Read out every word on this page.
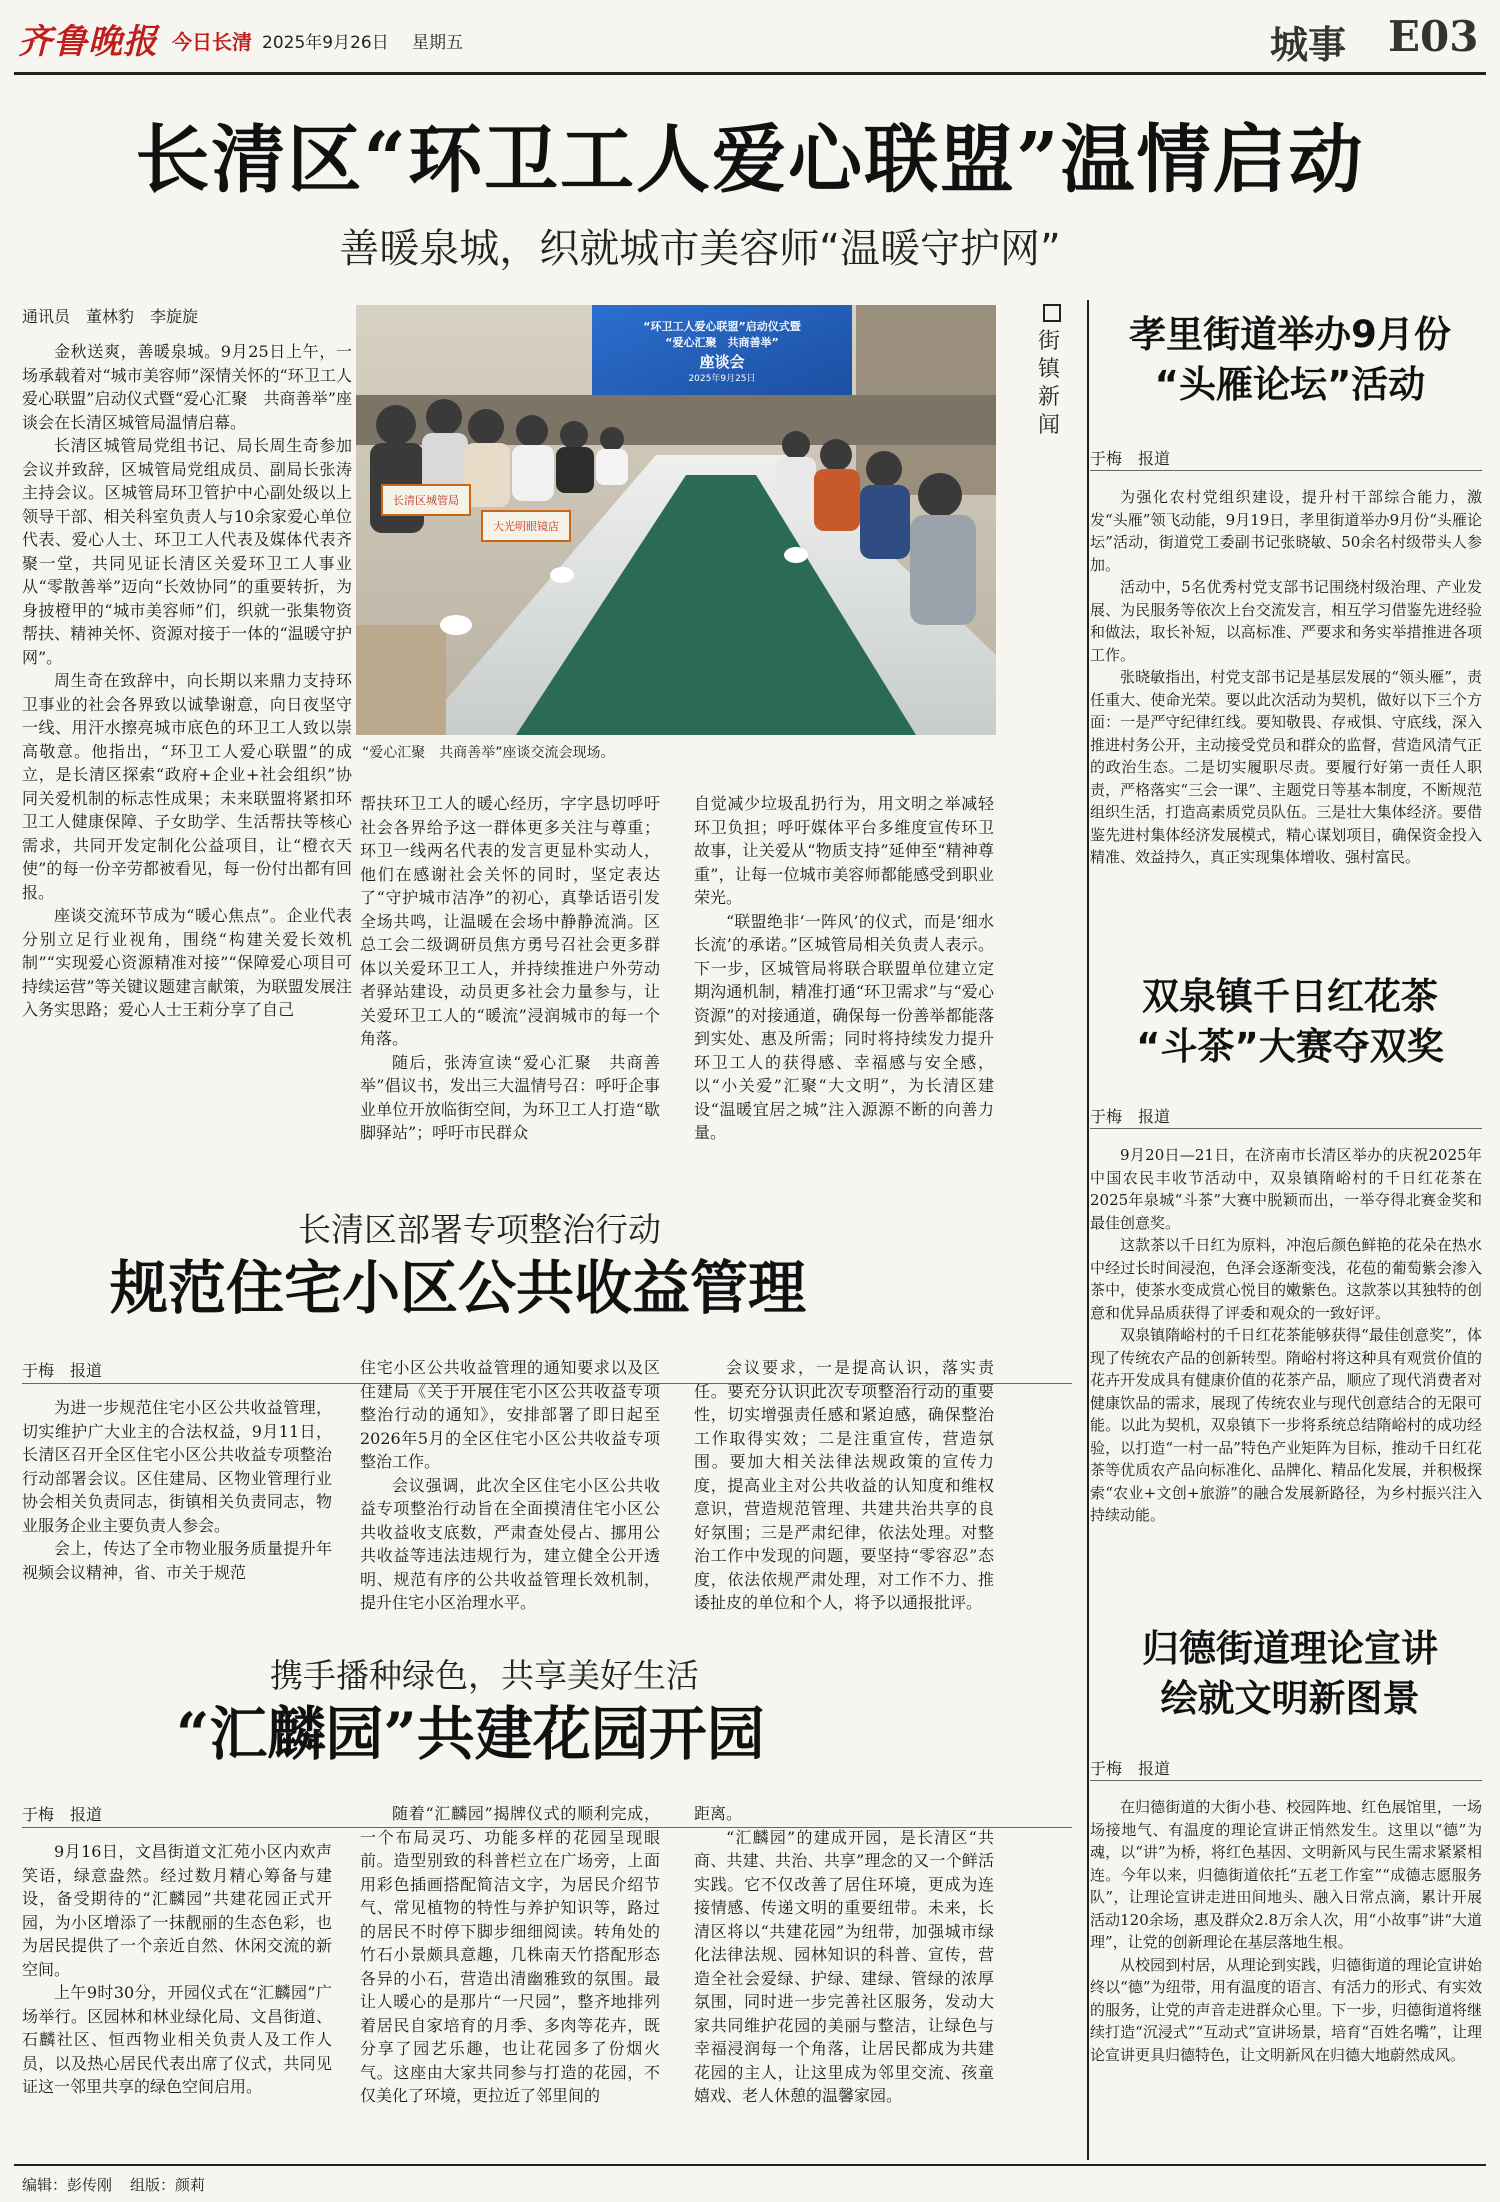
齐鲁晚报 今日长清 2025年9月26日 星期五	城事 E03
长清区“环卫工人爱心联盟”温情启动
善暖泉城，织就城市美容师“温暖守护网”
通讯员　董林豹　李旋旋

金秋送爽，善暖泉城。9月25日上午，一场承载着对“城市美容师”深情关怀的“环卫工人爱心联盟”启动仪式暨“爱心汇聚　共商善举”座谈会在长清区城管局温情启幕。

长清区城管局党组书记、局长周生奇参加会议并致辞，区城管局党组成员、副局长张涛主持会议。区城管局环卫管护中心副处级以上领导干部、相关科室负责人与10余家爱心单位代表、爱心人士、环卫工人代表及媒体代表齐聚一堂，共同见证长清区关爱环卫工人事业从“零散善举”迈向“长效协同”的重要转折，为身披橙甲的“城市美容师”们，织就一张集物资帮扶、精神关怀、资源对接于一体的“温暖守护网”。

周生奇在致辞中，向长期以来鼎力支持环卫事业的社会各界致以诚挚谢意，向日夜坚守一线、用汗水擦亮城市底色的环卫工人致以崇高敬意。他指出，“环卫工人爱心联盟”的成立，是长清区探索“政府+企业+社会组织”协同关爱机制的标志性成果；未来联盟将紧扣环卫工人健康保障、子女助学、生活帮扶等核心需求，共同开发定制化公益项目，让“橙衣天使”的每一份辛劳都被看见，每一份付出都有回报。

座谈交流环节成为“暖心焦点”。企业代表分别立足行业视角，围绕“构建关爱长效机制”“实现爱心资源精准对接”“保障爱心项目可持续运营”等关键议题建言献策，为联盟发展注入务实思路；爱心人士王莉分享了自己

“环卫工人爱心联盟”启动仪式暨
“爱心汇聚　共商善举”
座谈会
2025年9月25日
长清区城管局
大光明眼镜店
“爱心汇聚　共商善举”座谈交流会现场。

帮扶环卫工人的暖心经历，字字恳切呼吁社会各界给予这一群体更多关注与尊重；环卫一线两名代表的发言更显朴实动人，他们在感谢社会关怀的同时，坚定表达了“守护城市洁净”的初心，真挚话语引发全场共鸣，让温暖在会场中静静流淌。区总工会二级调研员焦方勇号召社会更多群体以关爱环卫工人，并持续推进户外劳动者驿站建设，动员更多社会力量参与，让关爱环卫工人的“暖流”浸润城市的每一个角落。

随后，张涛宣读“爱心汇聚　共商善举”倡议书，发出三大温情号召：呼吁企事业单位开放临街空间，为环卫工人打造“歇脚驿站”；呼吁市民群众

自觉减少垃圾乱扔行为，用文明之举减轻环卫负担；呼吁媒体平台多维度宣传环卫故事，让关爱从“物质支持”延伸至“精神尊重”，让每一位城市美容师都能感受到职业荣光。

“联盟绝非‘一阵风’的仪式，而是‘细水长流’的承诺。”区城管局相关负责人表示。下一步，区城管局将联合联盟单位建立定期沟通机制，精准打通“环卫需求”与“爱心资源”的对接通道，确保每一份善举都能落到实处、惠及所需；同时将持续发力提升环卫工人的获得感、幸福感与安全感，以“小关爱”汇聚“大文明”，为长清区建设“温暖宜居之城”注入源源不断的向善力量。

长清区部署专项整治行动
规范住宅小区公共收益管理
于梅　报道

为进一步规范住宅小区公共收益管理，切实维护广大业主的合法权益，9月11日，长清区召开全区住宅小区公共收益专项整治行动部署会议。区住建局、区物业管理行业协会相关负责同志，街镇相关负责同志，物业服务企业主要负责人参会。

会上，传达了全市物业服务质量提升年视频会议精神，省、市关于规范

住宅小区公共收益管理的通知要求以及区住建局《关于开展住宅小区公共收益专项整治行动的通知》，安排部署了即日起至2026年5月的全区住宅小区公共收益专项整治工作。

会议强调，此次全区住宅小区公共收益专项整治行动旨在全面摸清住宅小区公共收益收支底数，严肃查处侵占、挪用公共收益等违法违规行为，建立健全公开透明、规范有序的公共收益管理长效机制，提升住宅小区治理水平。

会议要求，一是提高认识，落实责任。要充分认识此次专项整治行动的重要性，切实增强责任感和紧迫感，确保整治工作取得实效；二是注重宣传，营造氛围。要加大相关法律法规政策的宣传力度，提高业主对公共收益的认知度和维权意识，营造规范管理、共建共治共享的良好氛围；三是严肃纪律，依法处理。对整治工作中发现的问题，要坚持“零容忍”态度，依法依规严肃处理，对工作不力、推诿扯皮的单位和个人，将予以通报批评。

携手播种绿色，共享美好生活
“汇麟园”共建花园开园
于梅　报道

9月16日，文昌街道文汇苑小区内欢声笑语，绿意盎然。经过数月精心筹备与建设，备受期待的“汇麟园”共建花园正式开园，为小区增添了一抹靓丽的生态色彩，也为居民提供了一个亲近自然、休闲交流的新空间。

上午9时30分，开园仪式在“汇麟园”广场举行。区园林和林业绿化局、文昌街道、石麟社区、恒西物业相关负责人及工作人员，以及热心居民代表出席了仪式，共同见证这一邻里共享的绿色空间启用。

随着“汇麟园”揭牌仪式的顺利完成，一个布局灵巧、功能多样的花园呈现眼前。造型别致的科普栏立在广场旁，上面用彩色插画搭配简洁文字，为居民介绍节气、常见植物的特性与养护知识等，路过的居民不时停下脚步细细阅读。转角处的竹石小景颇具意趣，几株南天竹搭配形态各异的小石，营造出清幽雅致的氛围。最让人暖心的是那片“一尺园”，整齐地排列着居民自家培育的月季、多肉等花卉，既分享了园艺乐趣，也让花园多了份烟火气。这座由大家共同参与打造的花园，不仅美化了环境，更拉近了邻里间的

距离。

“汇麟园”的建成开园，是长清区“共商、共建、共治、共享”理念的又一个鲜活实践。它不仅改善了居住环境，更成为连接情感、传递文明的重要纽带。未来，长清区将以“共建花园”为纽带，加强城市绿化法律法规、园林知识的科普、宣传，营造全社会爱绿、护绿、建绿、管绿的浓厚氛围，同时进一步完善社区服务，发动大家共同维护花园的美丽与整洁，让绿色与幸福浸润每一个角落，让居民都成为共建花园的主人，让这里成为邻里交流、孩童嬉戏、老人休憩的温馨家园。

街镇新闻
孝里街道举办9月份
“头雁论坛”活动
于梅　报道

为强化农村党组织建设，提升村干部综合能力，激发“头雁”领飞动能，9月19日，孝里街道举办9月份“头雁论坛”活动，街道党工委副书记张晓敏、50余名村级带头人参加。

活动中，5名优秀村党支部书记围绕村级治理、产业发展、为民服务等依次上台交流发言，相互学习借鉴先进经验和做法，取长补短，以高标准、严要求和务实举措推进各项工作。

张晓敏指出，村党支部书记是基层发展的“领头雁”，责任重大、使命光荣。要以此次活动为契机，做好以下三个方面：一是严守纪律红线。要知敬畏、存戒惧、守底线，深入推进村务公开，主动接受党员和群众的监督，营造风清气正的政治生态。二是切实履职尽责。要履行好第一责任人职责，严格落实“三会一课”、主题党日等基本制度，不断规范组织生活，打造高素质党员队伍。三是壮大集体经济。要借鉴先进村集体经济发展模式，精心谋划项目，确保资金投入精准、效益持久，真正实现集体增收、强村富民。

双泉镇千日红花茶
“斗茶”大赛夺双奖
于梅　报道

9月20日—21日，在济南市长清区举办的庆祝2025年中国农民丰收节活动中，双泉镇隋峪村的千日红花茶在2025年泉城“斗茶”大赛中脱颖而出，一举夺得北赛金奖和最佳创意奖。

这款茶以千日红为原料，冲泡后颜色鲜艳的花朵在热水中经过长时间浸泡，色泽会逐渐变浅，花苞的葡萄紫会渗入茶中，使茶水变成赏心悦目的嫩紫色。这款茶以其独特的创意和优异品质获得了评委和观众的一致好评。

双泉镇隋峪村的千日红花茶能够获得“最佳创意奖”，体现了传统农产品的创新转型。隋峪村将这种具有观赏价值的花卉开发成具有健康价值的花茶产品，顺应了现代消费者对健康饮品的需求，展现了传统农业与现代创意结合的无限可能。以此为契机，双泉镇下一步将系统总结隋峪村的成功经验，以打造“一村一品”特色产业矩阵为目标，推动千日红花茶等优质农产品向标准化、品牌化、精品化发展，并积极探索“农业+文创+旅游”的融合发展新路径，为乡村振兴注入持续动能。

归德街道理论宣讲
绘就文明新图景
于梅　报道

在归德街道的大街小巷、校园阵地、红色展馆里，一场场接地气、有温度的理论宣讲正悄然发生。这里以“德”为魂，以“讲”为桥，将红色基因、文明新风与民生需求紧紧相连。今年以来，归德街道依托“五老工作室”“成德志愿服务队”，让理论宣讲走进田间地头、融入日常点滴，累计开展活动120余场，惠及群众2.8万余人次，用“小故事”讲“大道理”，让党的创新理论在基层落地生根。

从校园到村居，从理论到实践，归德街道的理论宣讲始终以“德”为纽带，用有温度的语言、有活力的形式、有实效的服务，让党的声音走进群众心里。下一步，归德街道将继续打造“沉浸式”“互动式”宣讲场景，培育“百姓名嘴”，让理论宣讲更具归德特色，让文明新风在归德大地蔚然成风。

编辑：彭传刚 组版：颜莉
